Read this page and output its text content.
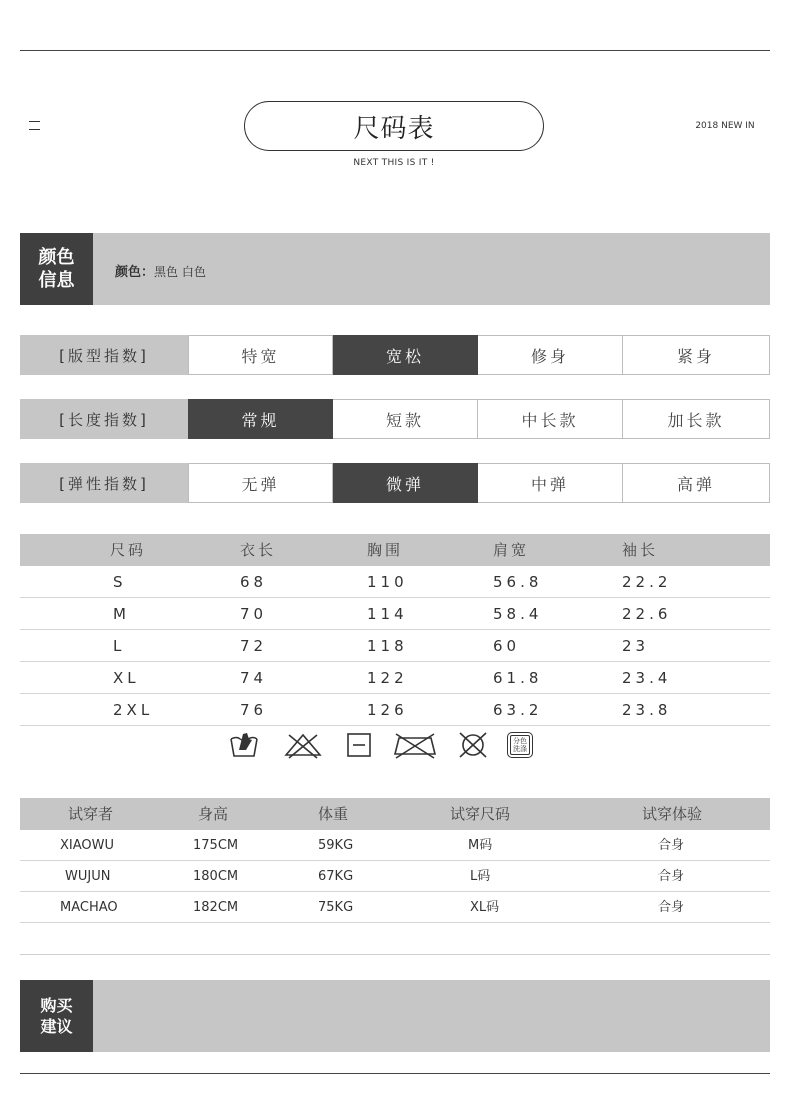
尺码表
NEXT THIS IS IT !
2018 NEW IN
颜色
信息	颜色：黑色 白色
[版型指数]	特宽	宽松	修身	紧身
[长度指数]	常规	短款	中长款	加长款
[弹性指数]	无弹	微弹	中弹	高弹
尺码	衣长	胸围	肩宽	袖长
S	68	110	56.8	22.2
M	70	114	58.4	22.6
L	72	118	60	23
XL	74	122	61.8	23.4
2XL	76	126	63.2	23.8
分色
洗涤
试穿者	身高	体重	试穿尺码	试穿体验
XIAOWU	175CM	59KG	M码	合身
WUJUN	180CM	67KG	L码	合身
MACHAO	182CM	75KG	XL码	合身
购买
建议
